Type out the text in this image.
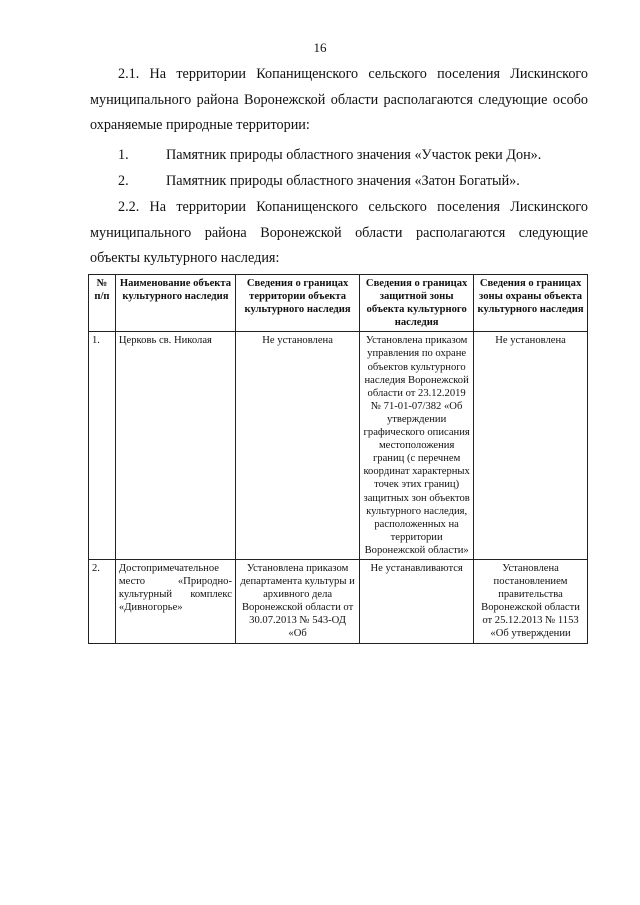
16

2.1. На территории Копанищенского сельского поселения Лискинского муниципального района Воронежской области располагаются следующие особо охраняемые природные территории:

1.	Памятник природы областного значения «Участок реки Дон».
2.	Памятник природы областного значения «Затон Богатый».

2.2. На территории Копанищенского сельского поселения Лискинского муниципального района Воронежской области располагаются следующие объекты культурного наследия:

№ п/п	Наименование объекта культурного наследия	Сведения о границах территории объекта культурного наследия	Сведения о границах защитной зоны объекта культурного наследия	Сведения о границах зоны охраны объекта культурного наследия
1.	Церковь св. Николая	Не установлена	Установлена приказом управления по охране объектов культурного наследия Воронежской области от 23.12.2019 № 71-01-07/382 «Об утверждении графического описания местоположения границ (с перечнем координат характерных точек этих границ) защитных зон объектов культурного наследия, расположенных на территории Воронежской области»	Не установлена
2.	Достопримечательное место «Природно-культурный комплекс «Дивногорье»	Установлена приказом департамента культуры и архивного дела Воронежской области от 30.07.2013 № 543-ОД «Об	Не устанавливаются	Установлена постановлением правительства Воронежской области от 25.12.2013 № 1153 «Об утверждении
